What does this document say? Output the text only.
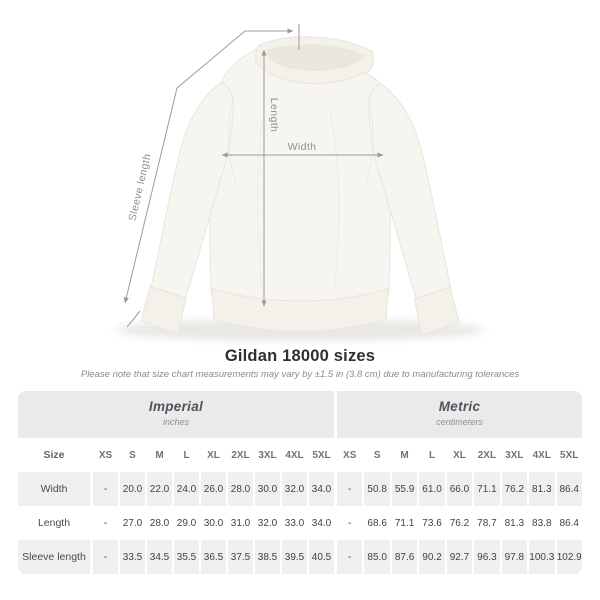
Width
Length
Sleeve length
Gildan 18000 sizes

Please note that size chart measurements may vary by ±1.5 in (3.8 cm) due to manufacturing tolerances

Imperial
inches
Size	XS	S	M	L	XL	2XL 3XL 4XL 5XL
Width	-	20.0 22.0 24.0 26.0 28.0 30.0 32.0 34.0
Length	-	27.0 28.0 29.0 30.0 31.0 32.0 33.0 34.0
Sleeve length	-	33.5 34.5 35.5 36.5 37.5 38.5 39.5 40.5
Metric
centimeters
XS	S	M	L	XL	2XL 3XL 4XL 5XL
-	50.8 55.9 61.0 66.0 71.1 76.2 81.3 86.4
-	68.6 71.1 73.6 76.2 78.7 81.3 83.8 86.4
-	85.0 87.6 90.2 92.7 96.3 97.8 100.3 102.9
